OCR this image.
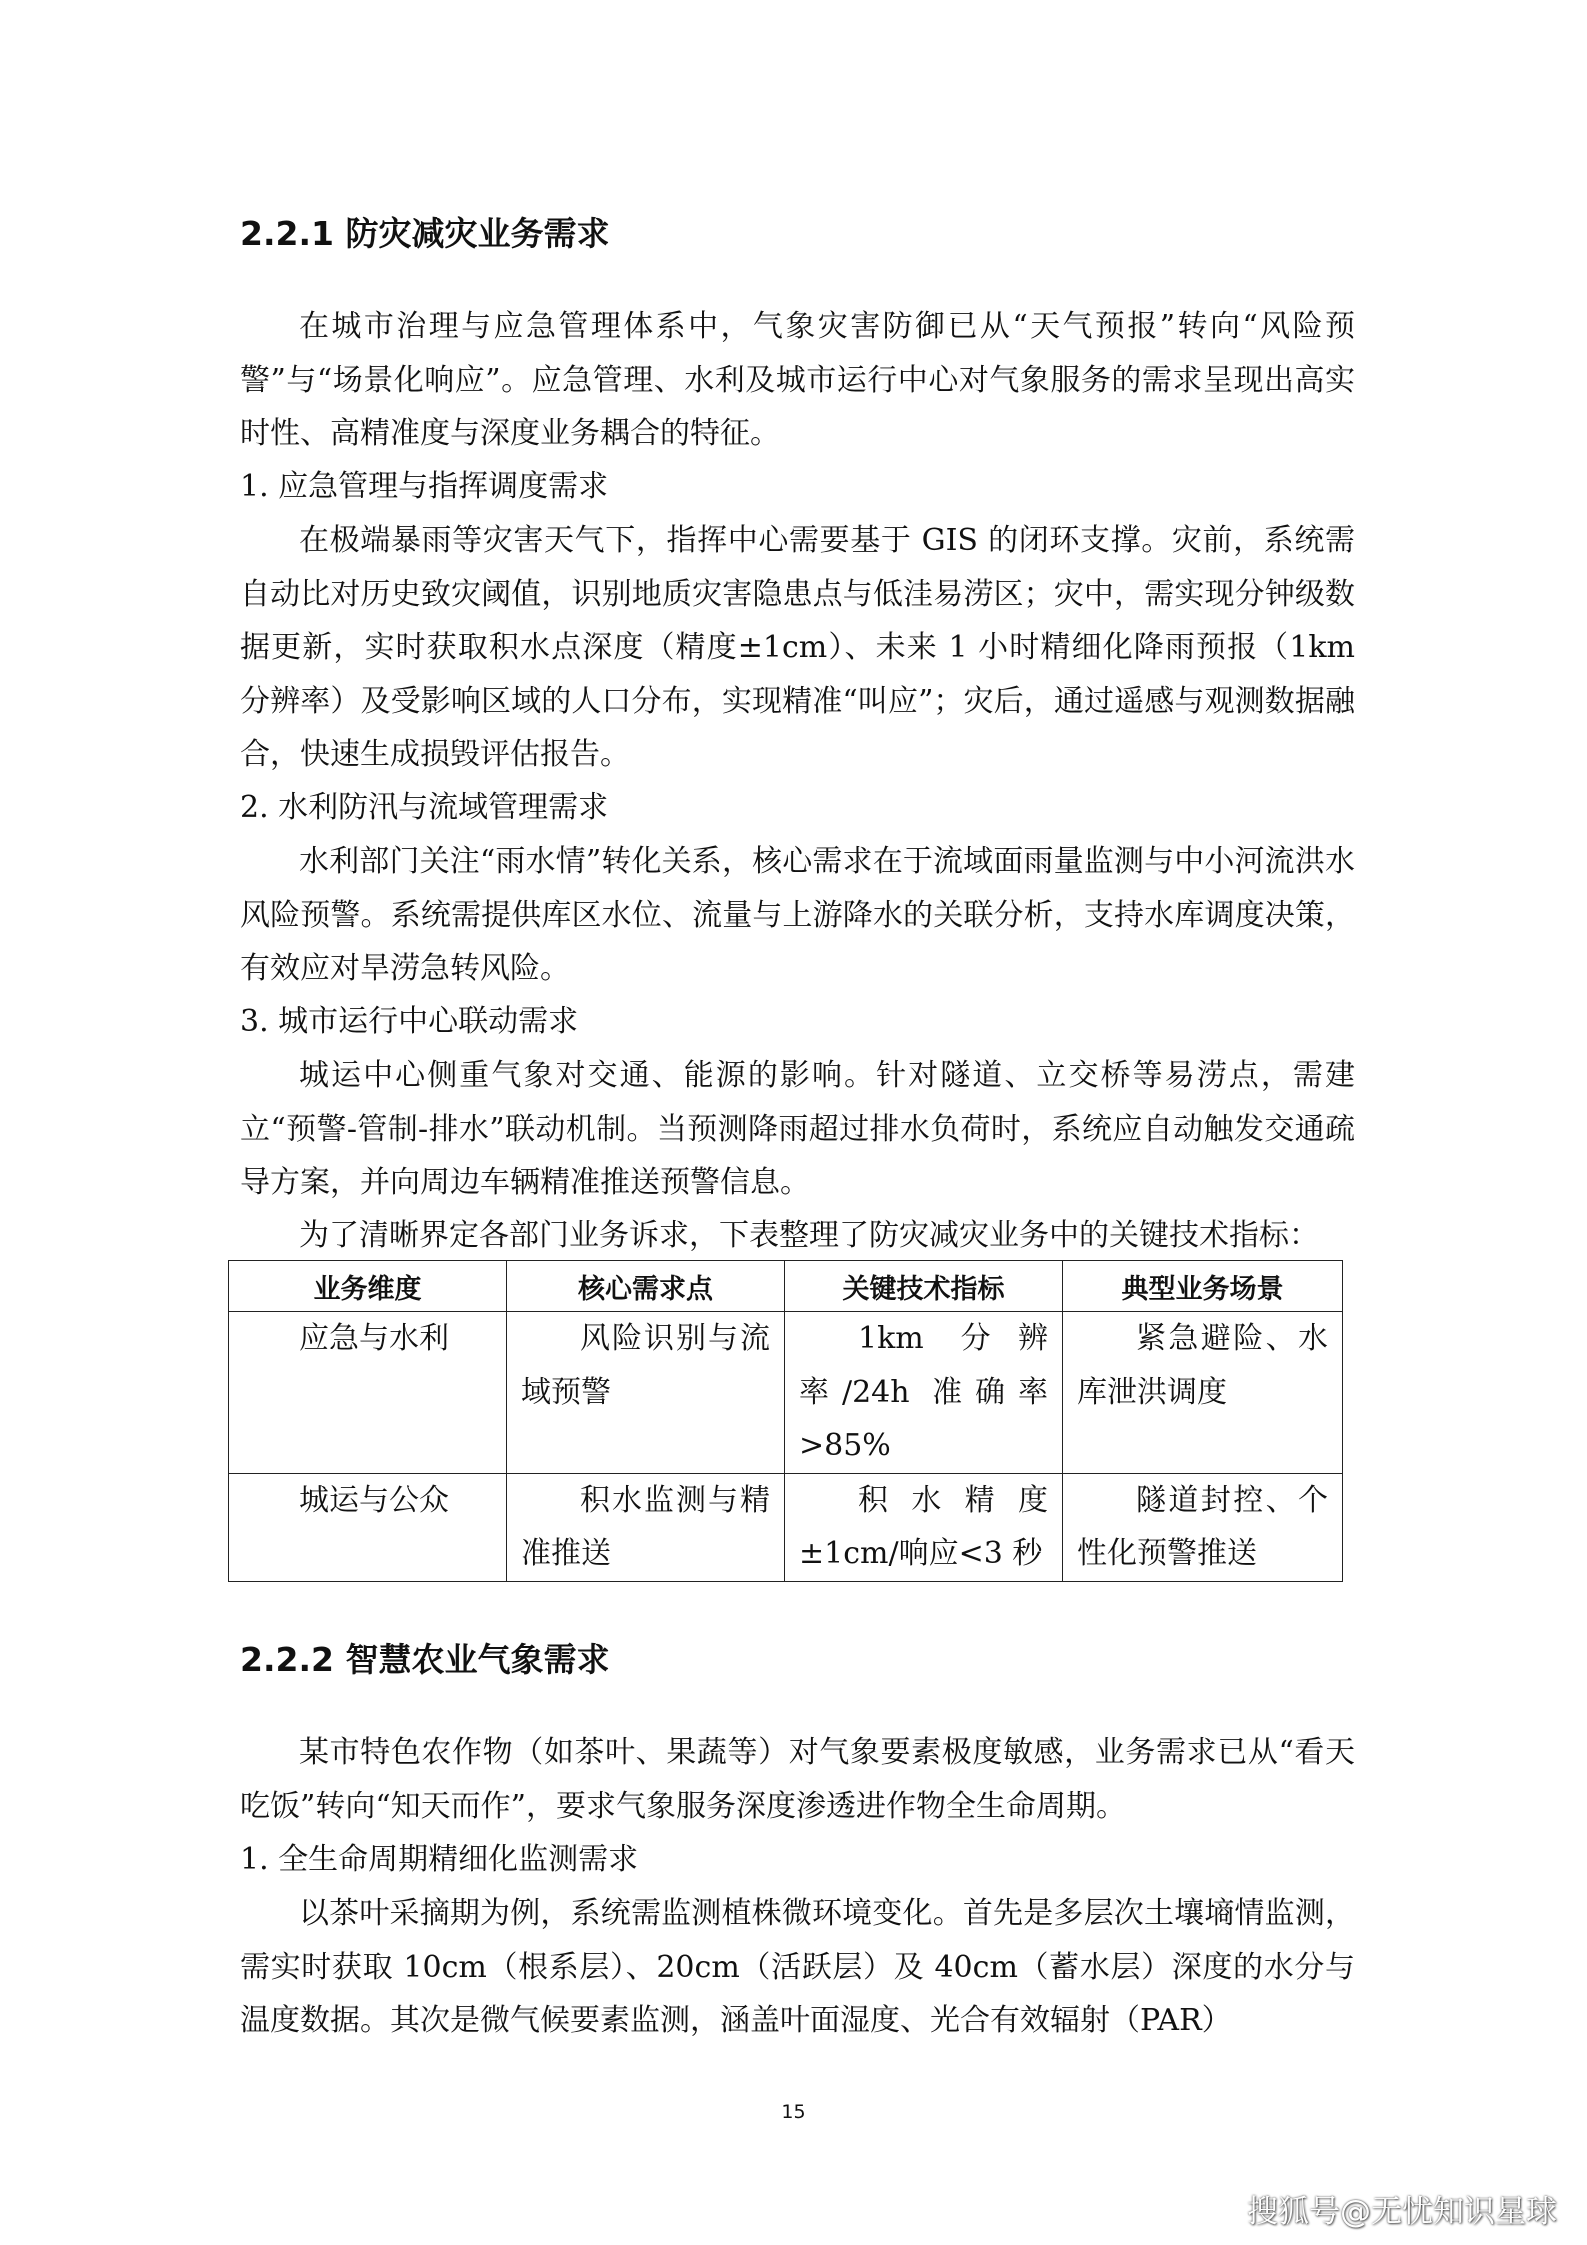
2.2.1 防灾减灾业务需求

在城市治理与应急管理体系中，气象灾害防御已从“天气预报”转向“风险预警”与“场景化响应”。应急管理、水利及城市运行中心对气象服务的需求呈现出高实时性、高精准度与深度业务耦合的特征。

1. 应急管理与指挥调度需求

在极端暴雨等灾害天气下，指挥中心需要基于 GIS 的闭环支撑。灾前，系统需自动比对历史致灾阈值，识别地质灾害隐患点与低洼易涝区；灾中，需实现分钟级数据更新，实时获取积水点深度（精度±1cm）、未来 1 小时精细化降雨预报（1km 分辨率）及受影响区域的人口分布，实现精准“叫应”；灾后，通过遥感与观测数据融合，快速生成损毁评估报告。

2. 水利防汛与流域管理需求

水利部门关注“雨水情”转化关系，核心需求在于流域面雨量监测与中小河流洪水风险预警。系统需提供库区水位、流量与上游降水的关联分析，支持水库调度决策，有效应对旱涝急转风险。

3. 城市运行中心联动需求

城运中心侧重气象对交通、能源的影响。针对隧道、立交桥等易涝点，需建立“预警-管制-排水”联动机制。当预测降雨超过排水负荷时，系统应自动触发交通疏导方案，并向周边车辆精准推送预警信息。

为了清晰界定各部门业务诉求，下表整理了防灾减灾业务中的关键技术指标：
业务维度	核心需求点	关键技术指标	典型业务场景
应急与水利	风险识别与流域预警	1km 分辨率/24h 准确率>85%	紧急避险、水库泄洪调度
城运与公众	积水监测与精准推送	积水精度±1cm/响应<3 秒	隧道封控、个性化预警推送
2.2.2 智慧农业气象需求

某市特色农作物（如茶叶、果蔬等）对气象要素极度敏感，业务需求已从“看天吃饭”转向“知天而作”，要求气象服务深度渗透进作物全生命周期。

1. 全生命周期精细化监测需求

以茶叶采摘期为例，系统需监测植株微环境变化。首先是多层次土壤墒情监测，需实时获取 10cm（根系层）、20cm（活跃层）及 40cm（蓄水层）深度的水分与温度数据。其次是微气候要素监测，涵盖叶面湿度、光合有效辐射（PAR）

15
搜狐号@无忧知识星球
